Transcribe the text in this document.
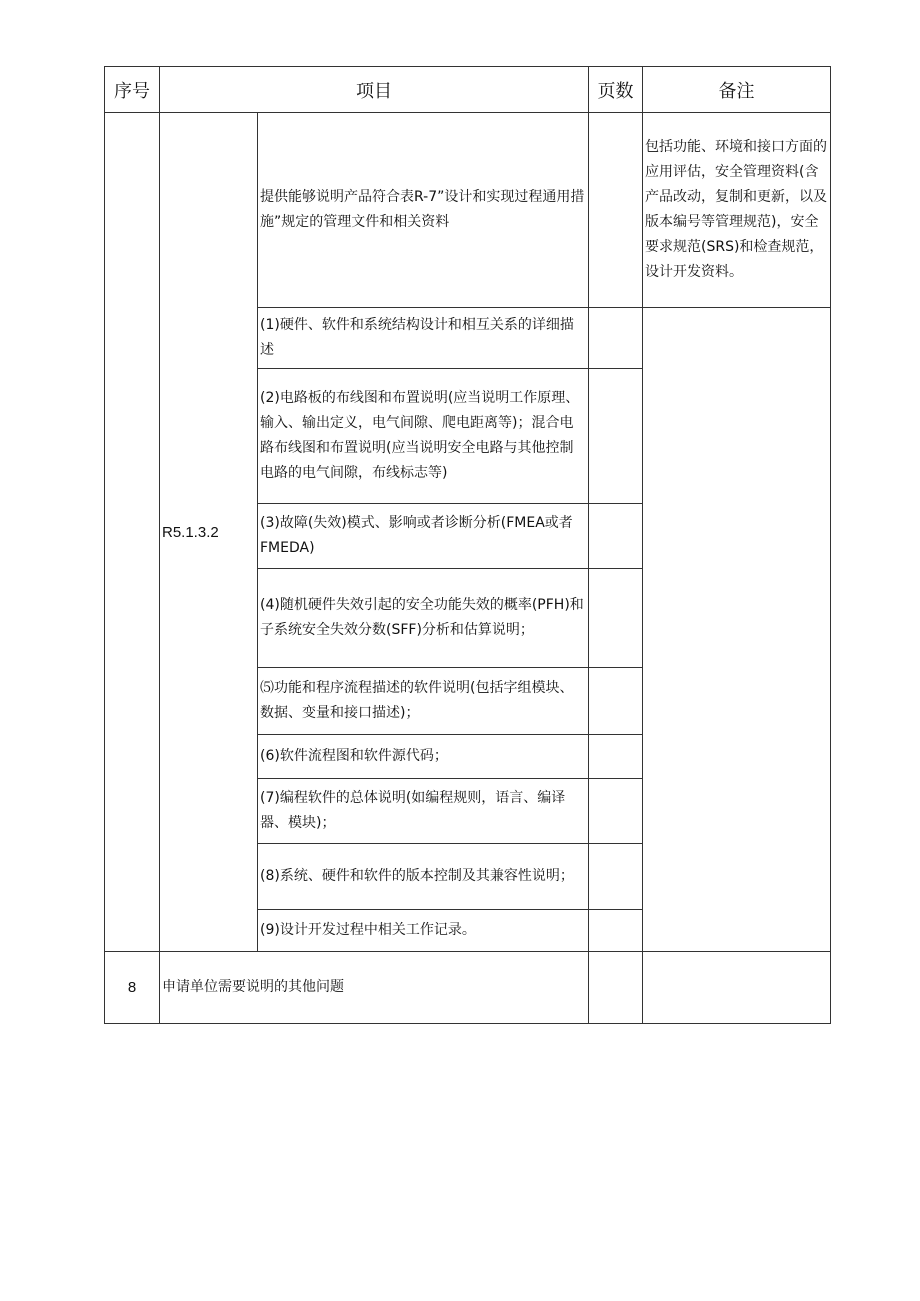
序号	项目		页数	备注
	R5.1.3.2	提供能够说明产品符合表R-7”设计和实现过程通用措施”规定的管理文件和相关资料		包括功能、环境和接口方面的应用评估，安全管理资料(含产品改动，复制和更新，以及版本编号等管理规范)，安全要求规范(SRS)和检查规范，设计开发资料。
		(1)硬件、软件和系统结构设计和相互关系的详细描述		
		(2)电路板的布线图和布置说明(应当说明工作原理、输入、输出定义，电气间隙、爬电距离等)；混合电路布线图和布置说明(应当说明安全电路与其他控制电路的电气间隙，布线标志等)		
		(3)故障(失效)模式、影响或者诊断分析(FMEA或者FMEDA)		
		(4)随机硬件失效引起的安全功能失效的概率(PFH)和子系统安全失效分数(SFF)分析和估算说明；		
		⑸功能和程序流程描述的软件说明(包括字组模块、数据、变量和接口描述)；		
		(6)软件流程图和软件源代码；		
		(7)编程软件的总体说明(如编程规则，语言、编译器、模块)；		
		(8)系统、硬件和软件的版本控制及其兼容性说明；		
		(9)设计开发过程中相关工作记录。		
8	申请单位需要说明的其他问题			
